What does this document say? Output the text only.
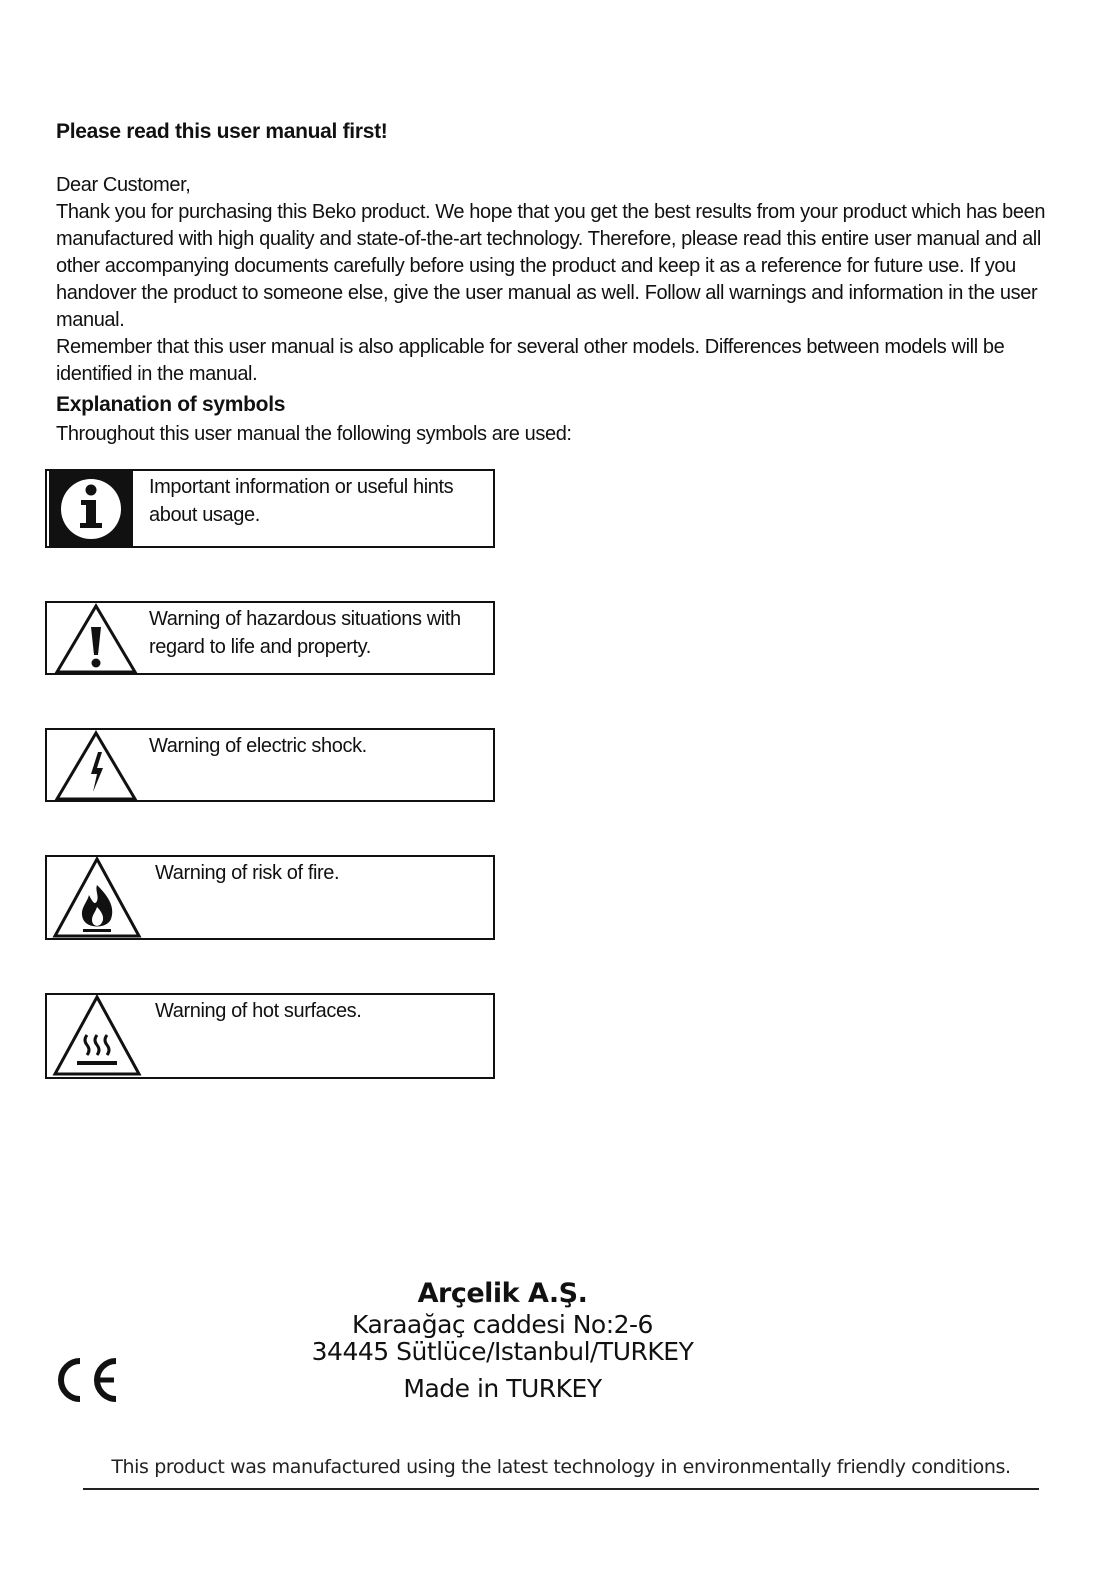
Please read this user manual first!
Dear Customer,
Thank you for purchasing this Beko product. We hope that you get the best results from your product which has been manufactured with high quality and state-of-the-art technology. Therefore, please read this entire user manual and all other accompanying documents carefully before using the product and keep it as a reference for future use. If you handover the product to someone else, give the user manual as well. Follow all warnings and information in the user manual.
Remember that this user manual is also applicable for several other models. Differences between models will be identified in the manual.
Explanation of symbols
Throughout this user manual the following symbols are used:
Important information or useful hints about usage.
Warning of hazardous situations with regard to life and property.
Warning of electric shock.
Warning of risk of fire.
Warning of hot surfaces.
Arçelik A.Ş.
Karaağaç caddesi No:2-6
34445 Sütlüce/Istanbul/TURKEY
Made in TURKEY
This product was manufactured using the latest technology in environmentally friendly conditions.
